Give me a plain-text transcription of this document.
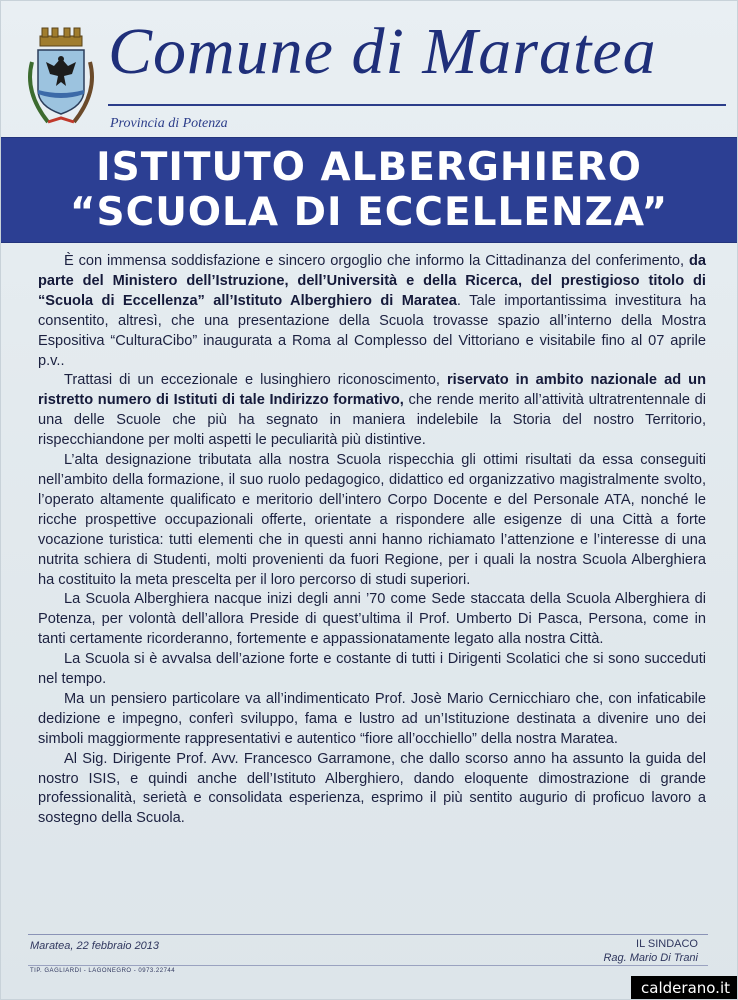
Comune di Maratea
Provincia di Potenza
ISTITUTO ALBERGHIERO
“SCUOLA DI ECCELLENZA”

È con immensa soddisfazione e sincero orgoglio che informo la Cittadinanza del conferimento, da parte del Ministero dell’Istruzione, dell’Università e della Ricerca, del prestigioso titolo di “Scuola di Eccellenza” all’Istituto Alberghiero di Maratea. Tale importantissima investitura ha consentito, altresì, che una presentazione della Scuola trovasse spazio all’interno della Mostra Espositiva “CulturaCibo” inaugurata a Roma al Complesso del Vittoriano e visitabile fino al 07 aprile p.v..

Trattasi di un eccezionale e lusinghiero riconoscimento, riservato in ambito nazionale ad un ristretto numero di Istituti di tale Indirizzo formativo, che rende merito all’attività ultratrentennale di una delle Scuole che più ha segnato in maniera indelebile la Storia del nostro Territorio, rispecchiandone per molti aspetti le peculiarità più distintive.

L’alta designazione tributata alla nostra Scuola rispecchia gli ottimi risultati da essa conseguiti nell’ambito della formazione, il suo ruolo pedagogico, didattico ed organizzativo magistralmente svolto, l’operato altamente qualificato e meritorio dell’intero Corpo Docente e del Personale ATA, nonché le ricche prospettive occupazionali offerte, orientate a rispondere alle esigenze di una Città a forte vocazione turistica: tutti elementi che in questi anni hanno richiamato l’attenzione e l’interesse di una nutrita schiera di Studenti, molti provenienti da fuori Regione, per i quali la nostra Scuola Alberghiera ha costituito la meta prescelta per il loro percorso di studi superiori.

La Scuola Alberghiera nacque inizi degli anni ’70 come Sede staccata della Scuola Alberghiera di Potenza, per volontà dell’allora Preside di quest’ultima il Prof. Umberto Di Pasca, Persona, come in tanti certamente ricorderanno, fortemente e appassionatamente legato alla nostra Città.

La Scuola si è avvalsa dell’azione forte e costante di tutti i Dirigenti Scolatici che si sono succeduti nel tempo.

Ma un pensiero particolare va all’indimenticato Prof. Josè Mario Cernicchiaro che, con infaticabile dedizione e impegno, conferì sviluppo, fama e lustro ad un’Istituzione destinata a divenire uno dei simboli maggiormente rappresentativi e autentico “fiore all’occhiello” della nostra Maratea.

Al Sig. Dirigente Prof. Avv. Francesco Garramone, che dallo scorso anno ha assunto la guida del nostro ISIS, e quindi anche dell’Istituto Alberghiero, dando eloquente dimostrazione di grande professionalità, serietà e consolidata esperienza, esprimo il più sentito augurio di proficuo lavoro a sostegno della Scuola.

Maratea, 22 febbraio 2013	IL SINDACO
Rag. Mario Di Trani
TIP. GAGLIARDI - LAGONEGRO - 0973.22744
calderano.it
